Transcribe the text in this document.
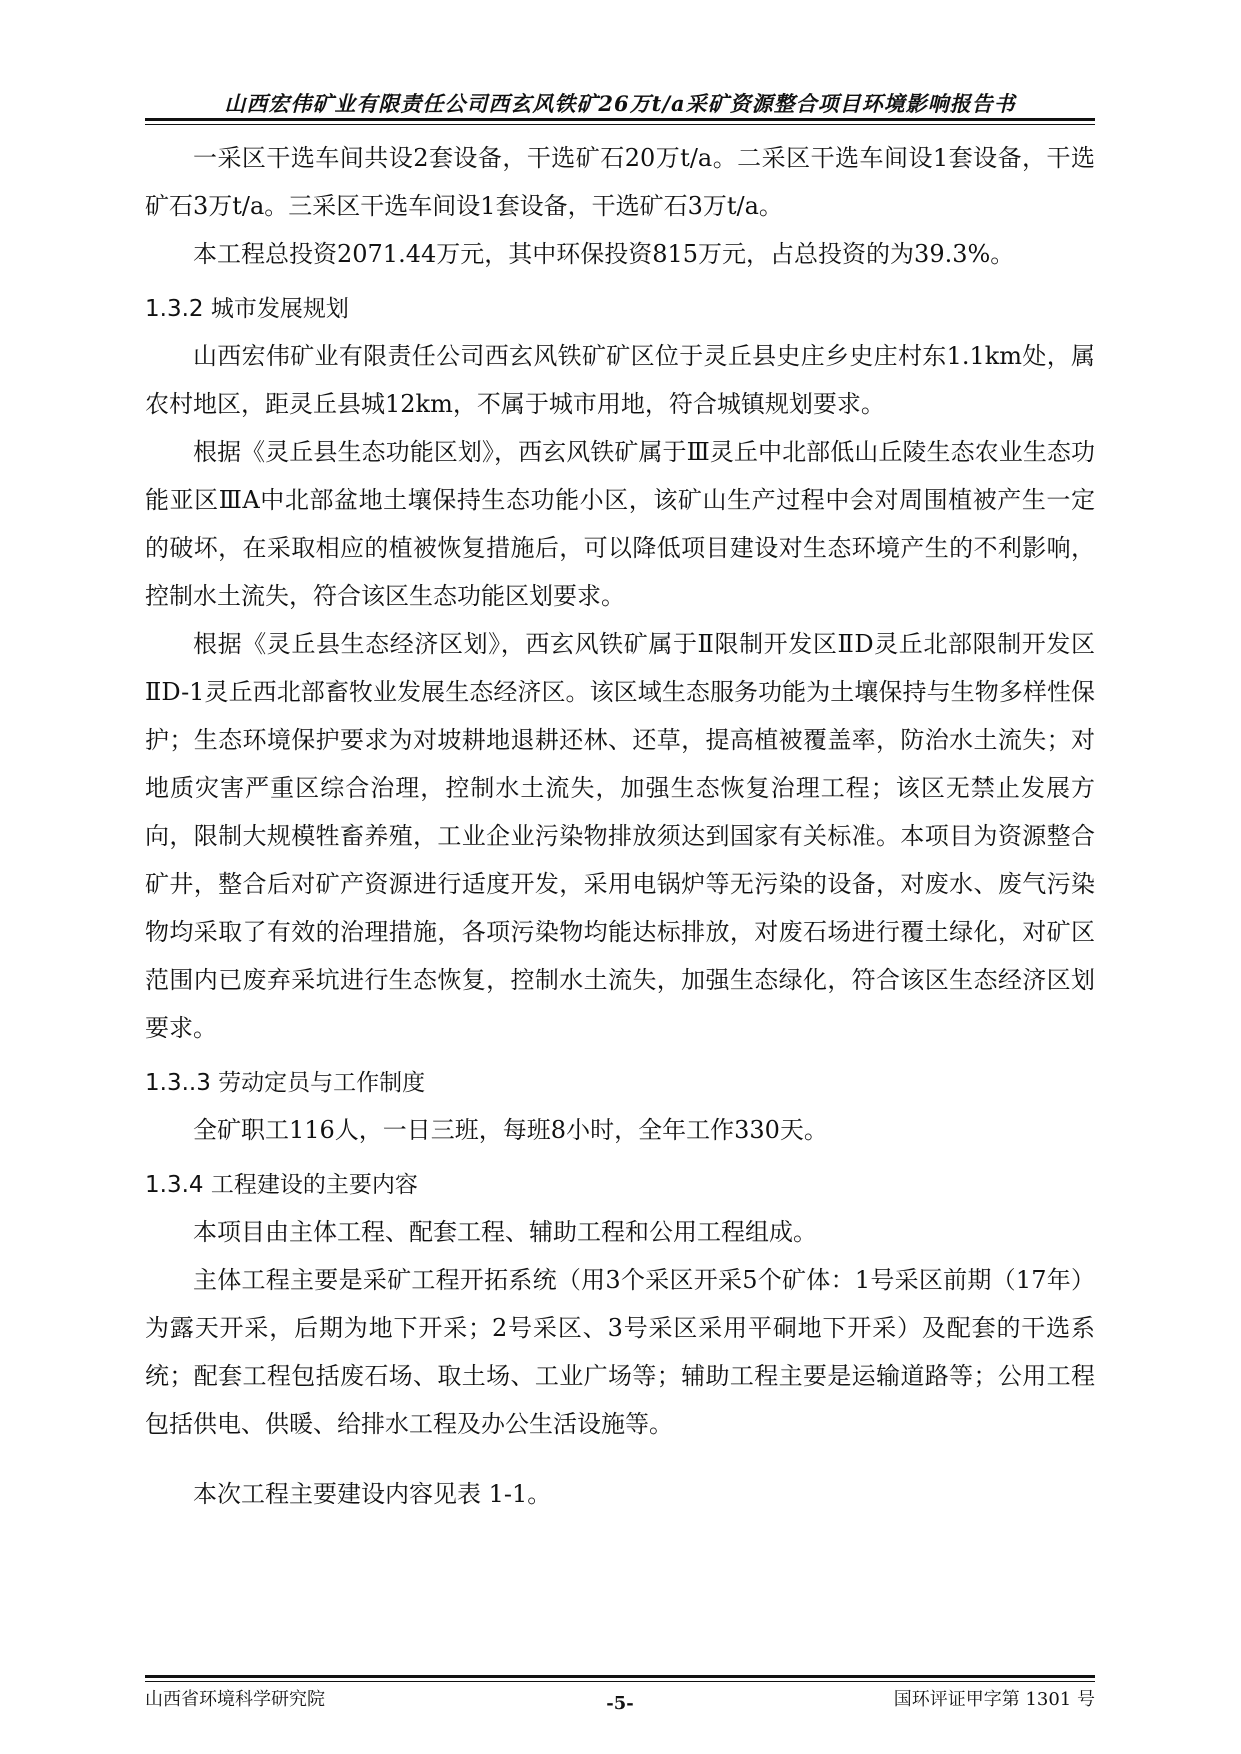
山西宏伟矿业有限责任公司西玄风铁矿26万t/a采矿资源整合项目环境影响报告书

一采区干选车间共设2套设备，干选矿石20万t/a。二采区干选车间设1套设备，干选矿石3万t/a。三采区干选车间设1套设备，干选矿石3万t/a。

本工程总投资2071.44万元，其中环保投资815万元，占总投资的为39.3%。

1.3.2 城市发展规划

山西宏伟矿业有限责任公司西玄风铁矿矿区位于灵丘县史庄乡史庄村东1.1km处，属农村地区，距灵丘县城12km，不属于城市用地，符合城镇规划要求。

根据《灵丘县生态功能区划》，西玄风铁矿属于Ⅲ灵丘中北部低山丘陵生态农业生态功能亚区ⅢA中北部盆地土壤保持生态功能小区，该矿山生产过程中会对周围植被产生一定的破坏，在采取相应的植被恢复措施后，可以降低项目建设对生态环境产生的不利影响，控制水土流失，符合该区生态功能区划要求。

根据《灵丘县生态经济区划》，西玄风铁矿属于Ⅱ限制开发区ⅡD灵丘北部限制开发区ⅡD-1灵丘西北部畜牧业发展生态经济区。该区域生态服务功能为土壤保持与生物多样性保护；生态环境保护要求为对坡耕地退耕还林、还草，提高植被覆盖率，防治水土流失；对地质灾害严重区综合治理，控制水土流失，加强生态恢复治理工程；该区无禁止发展方向，限制大规模牲畜养殖，工业企业污染物排放须达到国家有关标准。本项目为资源整合矿井，整合后对矿产资源进行适度开发，采用电锅炉等无污染的设备，对废水、废气污染物均采取了有效的治理措施，各项污染物均能达标排放，对废石场进行覆土绿化，对矿区范围内已废弃采坑进行生态恢复，控制水土流失，加强生态绿化，符合该区生态经济区划要求。

1.3..3 劳动定员与工作制度

全矿职工116人，一日三班，每班8小时，全年工作330天。

1.3.4 工程建设的主要内容

本项目由主体工程、配套工程、辅助工程和公用工程组成。

主体工程主要是采矿工程开拓系统（用3个采区开采5个矿体：1号采区前期（17年）为露天开采，后期为地下开采；2号采区、3号采区采用平硐地下开采）及配套的干选系统；配套工程包括废石场、取土场、工业广场等；辅助工程主要是运输道路等；公用工程包括供电、供暖、给排水工程及办公生活设施等。

本次工程主要建设内容见表 1-1。

山西省环境科学研究院	-5-	国环评证甲字第 1301 号
